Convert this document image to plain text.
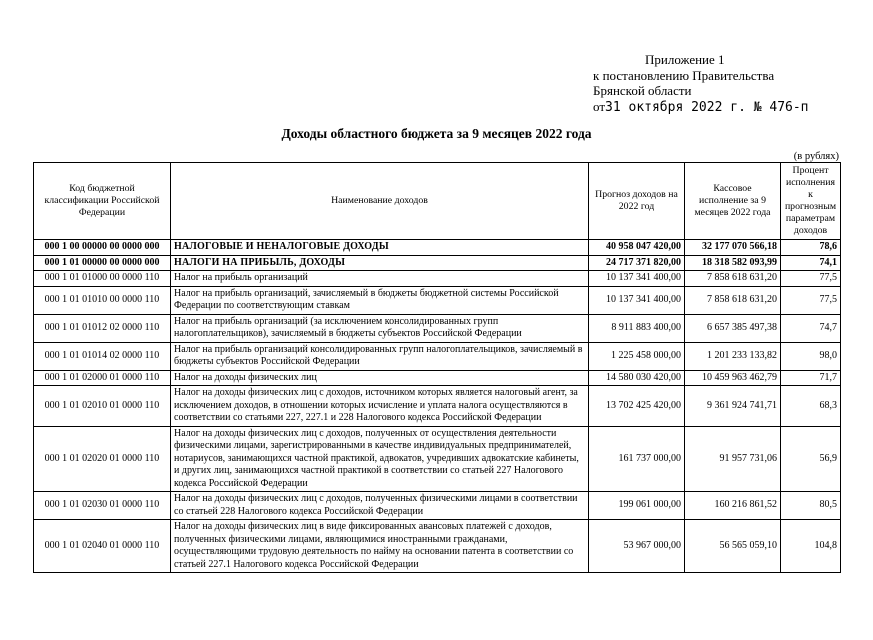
Приложение 1
к постановлению Правительства
Брянской области
от31 октября 2022 г. № 476-п
Доходы областного бюджета за 9 месяцев 2022 года
(в рублях)
Код бюджетной классификации Российской Федерации	Наименование доходов	Прогноз доходов на 2022 год	Кассовое исполнение за 9 месяцев 2022 года	Процент исполнения к прогнозным параметрам доходов
000 1 00 00000 00 0000 000	НАЛОГОВЫЕ И НЕНАЛОГОВЫЕ ДОХОДЫ	40 958 047 420,00	32 177 070 566,18	78,6
000 1 01 00000 00 0000 000	НАЛОГИ НА ПРИБЫЛЬ, ДОХОДЫ	24 717 371 820,00	18 318 582 093,99	74,1
000 1 01 01000 00 0000 110	Налог на прибыль организаций	10 137 341 400,00	7 858 618 631,20	77,5
000 1 01 01010 00 0000 110	Налог на прибыль организаций, зачисляемый в бюджеты бюджетной системы Российской Федерации по соответствующим ставкам	10 137 341 400,00	7 858 618 631,20	77,5
000 1 01 01012 02 0000 110	Налог на прибыль организаций (за исключением консолидированных групп налогоплательщиков), зачисляемый в бюджеты субъектов Российской Федерации	8 911 883 400,00	6 657 385 497,38	74,7
000 1 01 01014 02 0000 110	Налог на прибыль организаций консолидированных групп налогоплательщиков, зачисляемый в бюджеты субъектов Российской Федерации	1 225 458 000,00	1 201 233 133,82	98,0
000 1 01 02000 01 0000 110	Налог на доходы физических лиц	14 580 030 420,00	10 459 963 462,79	71,7
000 1 01 02010 01 0000 110	Налог на доходы физических лиц с доходов, источником которых является налоговый агент, за исключением доходов, в отношении которых исчисление и уплата налога осуществляются в соответствии со статьями 227, 227.1 и 228 Налогового кодекса Российской Федерации	13 702 425 420,00	9 361 924 741,71	68,3
000 1 01 02020 01 0000 110	Налог на доходы физических лиц с доходов, полученных от осуществления деятельности физическими лицами, зарегистрированными в качестве индивидуальных предпринимателей, нотариусов, занимающихся частной практикой, адвокатов, учредивших адвокатские кабинеты, и других лиц, занимающихся частной практикой в соответствии со статьей 227 Налогового кодекса Российской Федерации	161 737 000,00	91 957 731,06	56,9
000 1 01 02030 01 0000 110	Налог на доходы физических лиц с доходов, полученных физическими лицами в соответствии со статьей 228 Налогового кодекса Российской Федерации	199 061 000,00	160 216 861,52	80,5
000 1 01 02040 01 0000 110	Налог на доходы физических лиц в виде фиксированных авансовых платежей с доходов, полученных физическими лицами, являющимися иностранными гражданами, осуществляющими трудовую деятельность по найму на основании патента в соответствии со статьей 227.1 Налогового кодекса Российской Федерации	53 967 000,00	56 565 059,10	104,8
